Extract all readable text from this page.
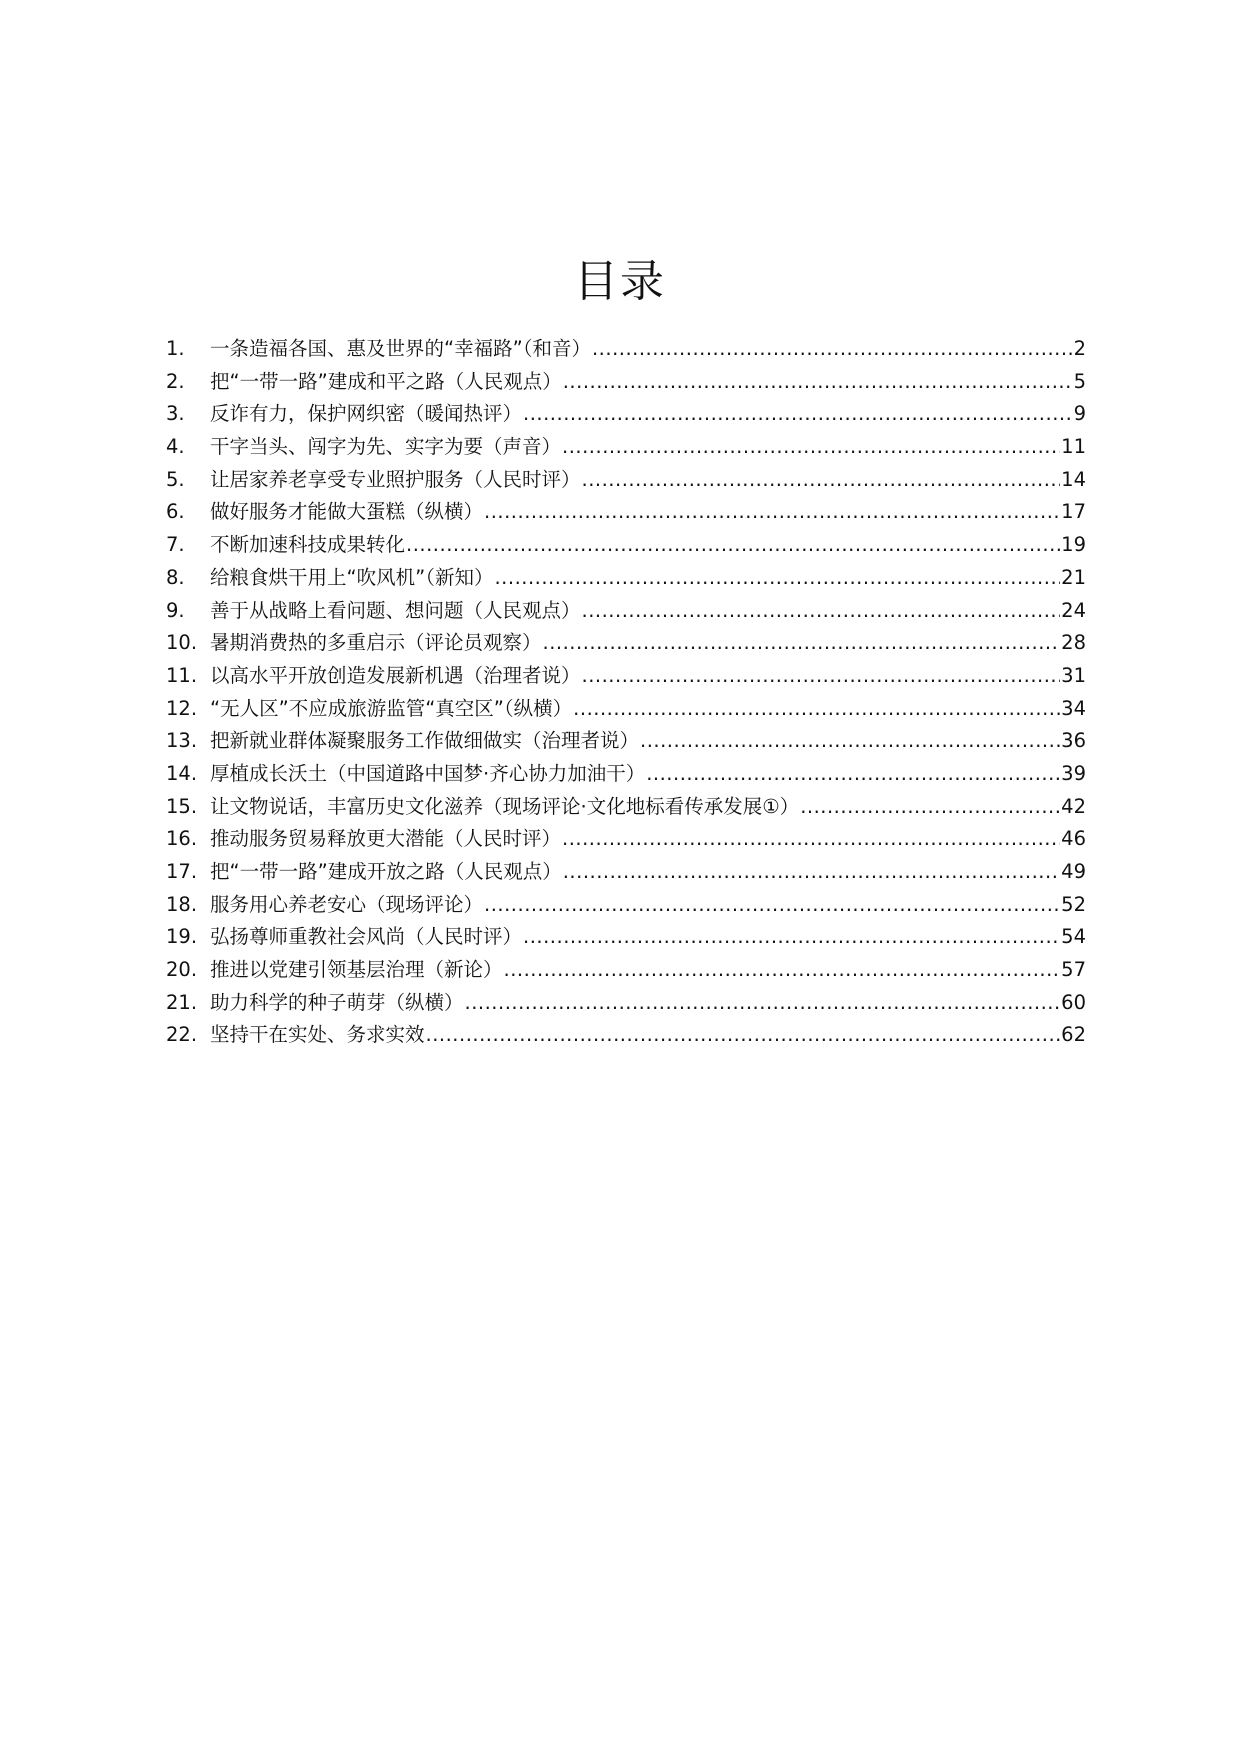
目录
1.	一条造福各国、惠及世界的“幸福路”（和音） .....	2
2.	把“一带一路”建成和平之路（人民观点） .....	5
3.	反诈有力，保护网织密（暖闻热评） .....	9
4.	干字当头、闯字为先、实字为要（声音） .....	11
5.	让居家养老享受专业照护服务（人民时评） .....	14
6.	做好服务才能做大蛋糕（纵横） .....	17
7.	不断加速科技成果转化 .....	19
8.	给粮食烘干用上“吹风机”（新知） .....	21
9.	善于从战略上看问题、想问题（人民观点） .....	24
10. 暑期消费热的多重启示（评论员观察） .....	28
11. 以高水平开放创造发展新机遇（治理者说） .....	31
12. “无人区”不应成旅游监管“真空区”（纵横） .....	34
13. 把新就业群体凝聚服务工作做细做实（治理者说） .....	36
14. 厚植成长沃土（中国道路中国梦·齐心协力加油干） .....	39
15. 让文物说话，丰富历史文化滋养（现场评论·文化地标看传承发展①） .....	42
16. 推动服务贸易释放更大潜能（人民时评） .....	46
17. 把“一带一路”建成开放之路（人民观点） .....	49
18. 服务用心养老安心（现场评论） .....	52
19. 弘扬尊师重教社会风尚（人民时评） .....	54
20. 推进以党建引领基层治理（新论） .....	57
21. 助力科学的种子萌芽（纵横） .....	60
22. 坚持干在实处、务求实效 .....	62
